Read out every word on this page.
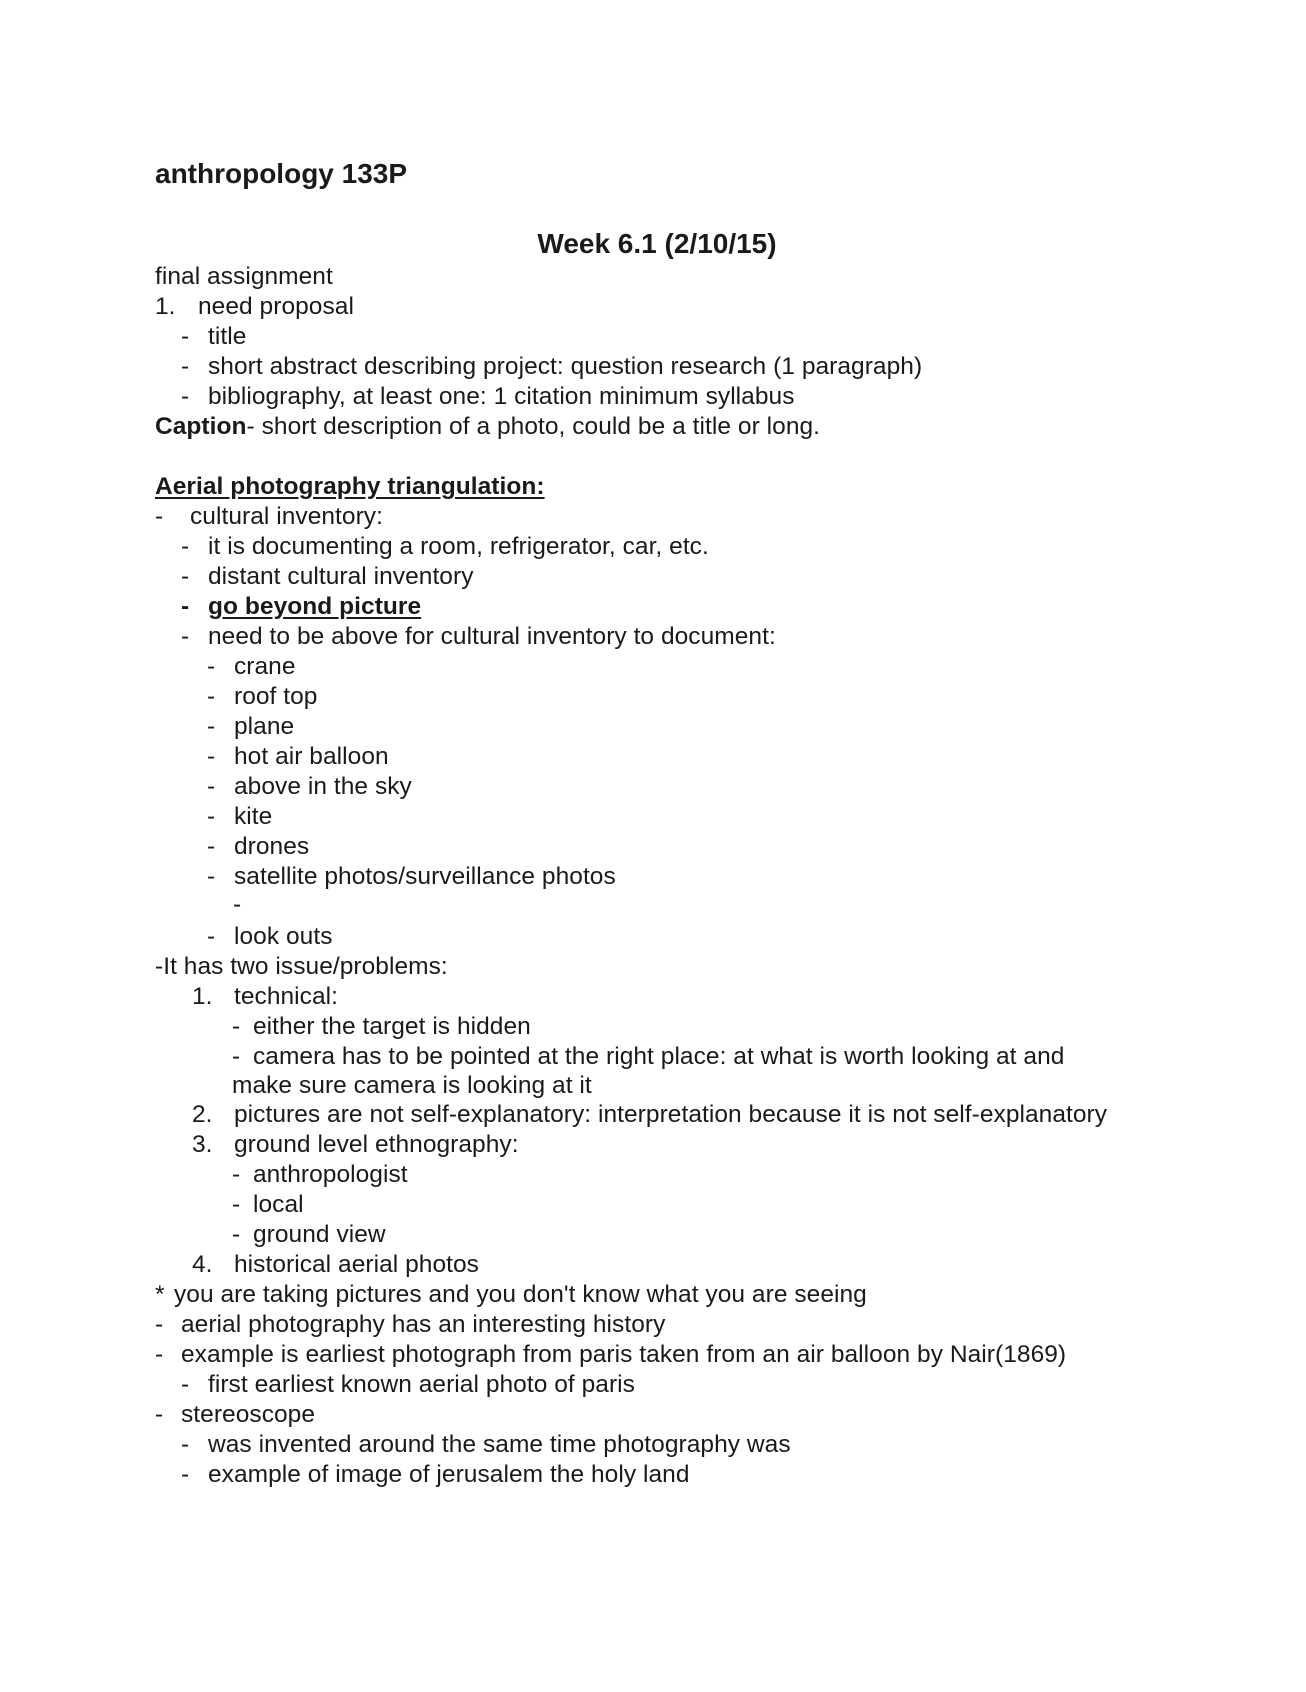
anthropology 133P
Week 6.1 (2/10/15)
final assignment
1. need proposal
- title
- short abstract describing project: question research (1 paragraph)
- bibliography, at least one: 1 citation minimum syllabus
Caption- short description of a photo, could be a title or long.
Aerial photography triangulation:
- cultural inventory:
- it is documenting a room, refrigerator, car, etc.
- distant cultural inventory
- go beyond picture
- need to be above for cultural inventory to document:
- crane
- roof top
- plane
- hot air balloon
- above in the sky
- kite
- drones
- satellite photos/surveillance photos
-
- look outs
-It has two issue/problems:
1. technical:
- either the target is hidden
- camera has to be pointed at the right place: at what is worth looking at and
make sure camera is looking at it
2. pictures are not self-explanatory: interpretation because it is not self-explanatory
3. ground level ethnography:
- anthropologist
- local
- ground view
4. historical aerial photos
* you are taking pictures and you don't know what you are seeing
- aerial photography has an interesting history
- example is earliest photograph from paris taken from an air balloon by Nair(1869)
- first earliest known aerial photo of paris
- stereoscope
- was invented around the same time photography was
- example of image of jerusalem the holy land
